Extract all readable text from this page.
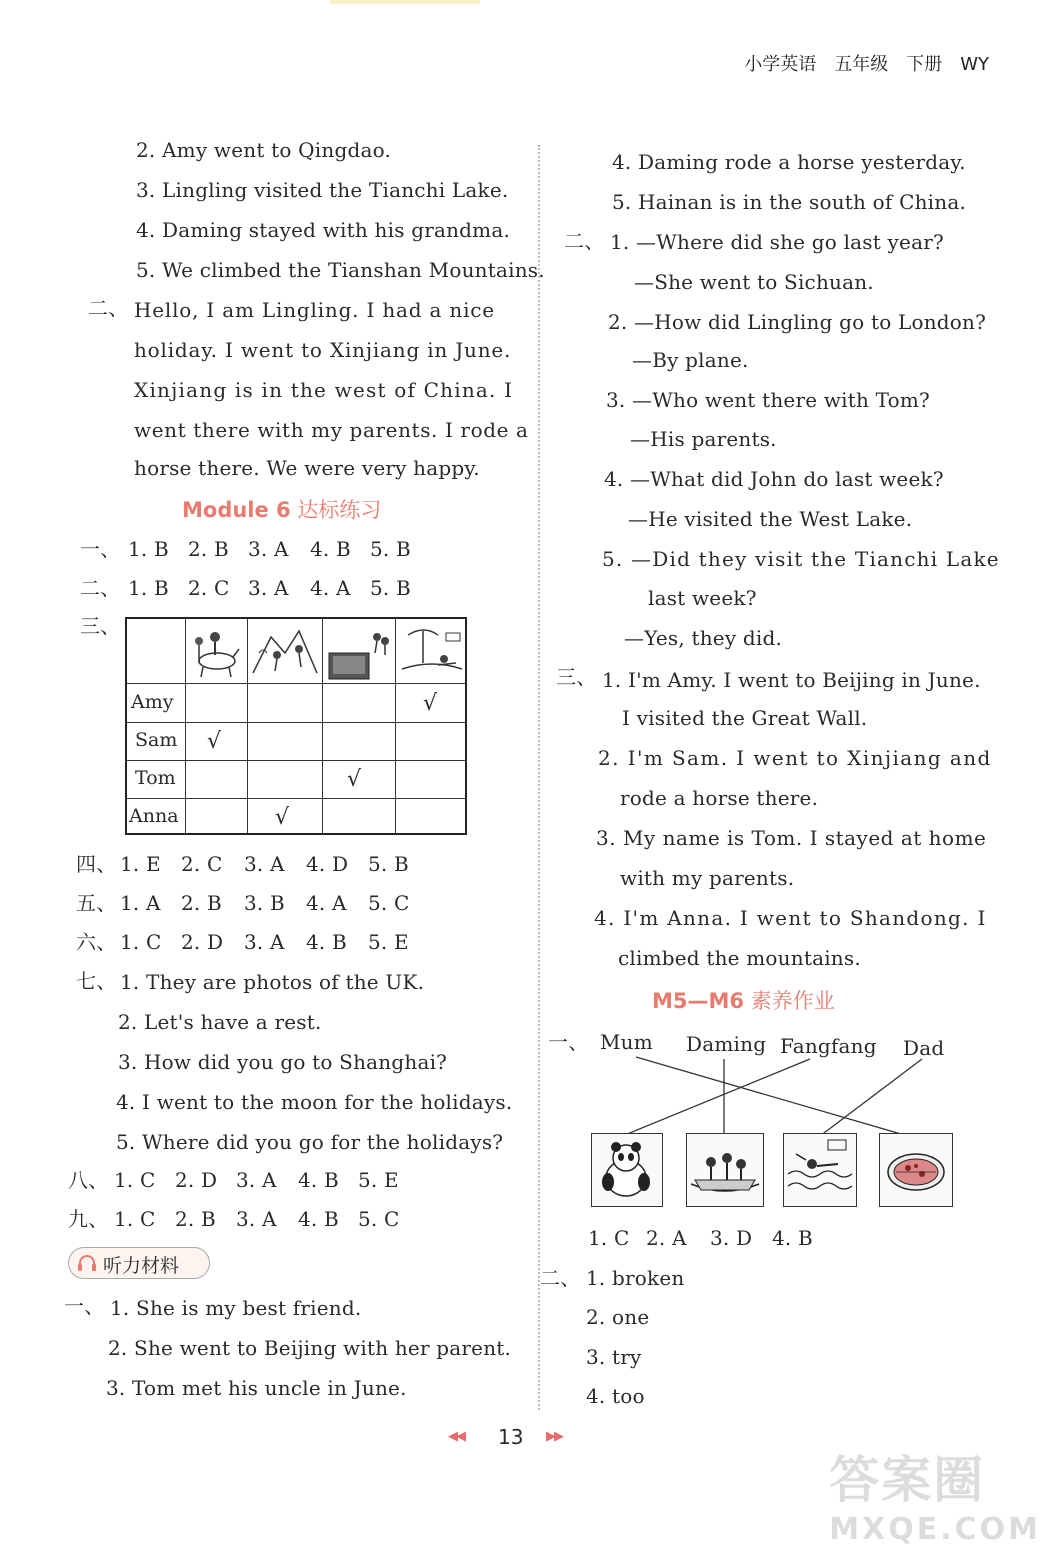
小学英语 五年级 下册 WY
2. Amy went to Qingdao.
3. Lingling visited the Tianchi Lake.
4. Daming stayed with his grandma.
5. We climbed the Tianshan Mountains.
二、 Hello, I am Lingling. I had a nice
holiday. I went to Xinjiang in June.
Xinjiang is in the west of China. I
went there with my parents. I rode a
horse there. We were very happy.
Module 6 达标练习
一、 1. B 2. B 3. A 4. B 5. B
二、 1. B 2. C 3. A 4. A 5. B
三、
Amy
Sam
Tom
Anna
√
√
√
√
四、 1. E 2. C 3. A 4. D 5. B
五、 1. A 2. B 3. B 4. A 5. C
六、 1. C 2. D 3. A 4. B 5. E
七、 1. They are photos of the UK.
2. Let's have a rest.
3. How did you go to Shanghai?
4. I went to the moon for the holidays.
5. Where did you go for the holidays?
八、 1. C 2. D 3. A 4. B 5. E
九、 1. C 2. B 3. A 4. B 5. C
听力材料
一、 1. She is my best friend.
2. She went to Beijing with her parent.
3. Tom met his uncle in June.
4. Daming rode a horse yesterday.
5. Hainan is in the south of China.
二、 1. —Where did she go last year?
—She went to Sichuan.
2. —How did Lingling go to London?
—By plane.
3. —Who went there with Tom?
—His parents.
4. —What did John do last week?
—He visited the West Lake.
5. —Did they visit the Tianchi Lake
last week?
—Yes, they did.
三、 1. I'm Amy. I went to Beijing in June.
I visited the Great Wall.
2. I'm Sam. I went to Xinjiang and
rode a horse there.
3. My name is Tom. I stayed at home
with my parents.
4. I'm Anna. I went to Shandong. I
climbed the mountains.
M5—M6 素养作业
一、 Mum Daming Fangfang Dad
1. C 2. A 3. D 4. B
二、 1. broken
2. one
3. try
4. too
◀◀ 13 ▶▶
答案圈
MXQE.COM
